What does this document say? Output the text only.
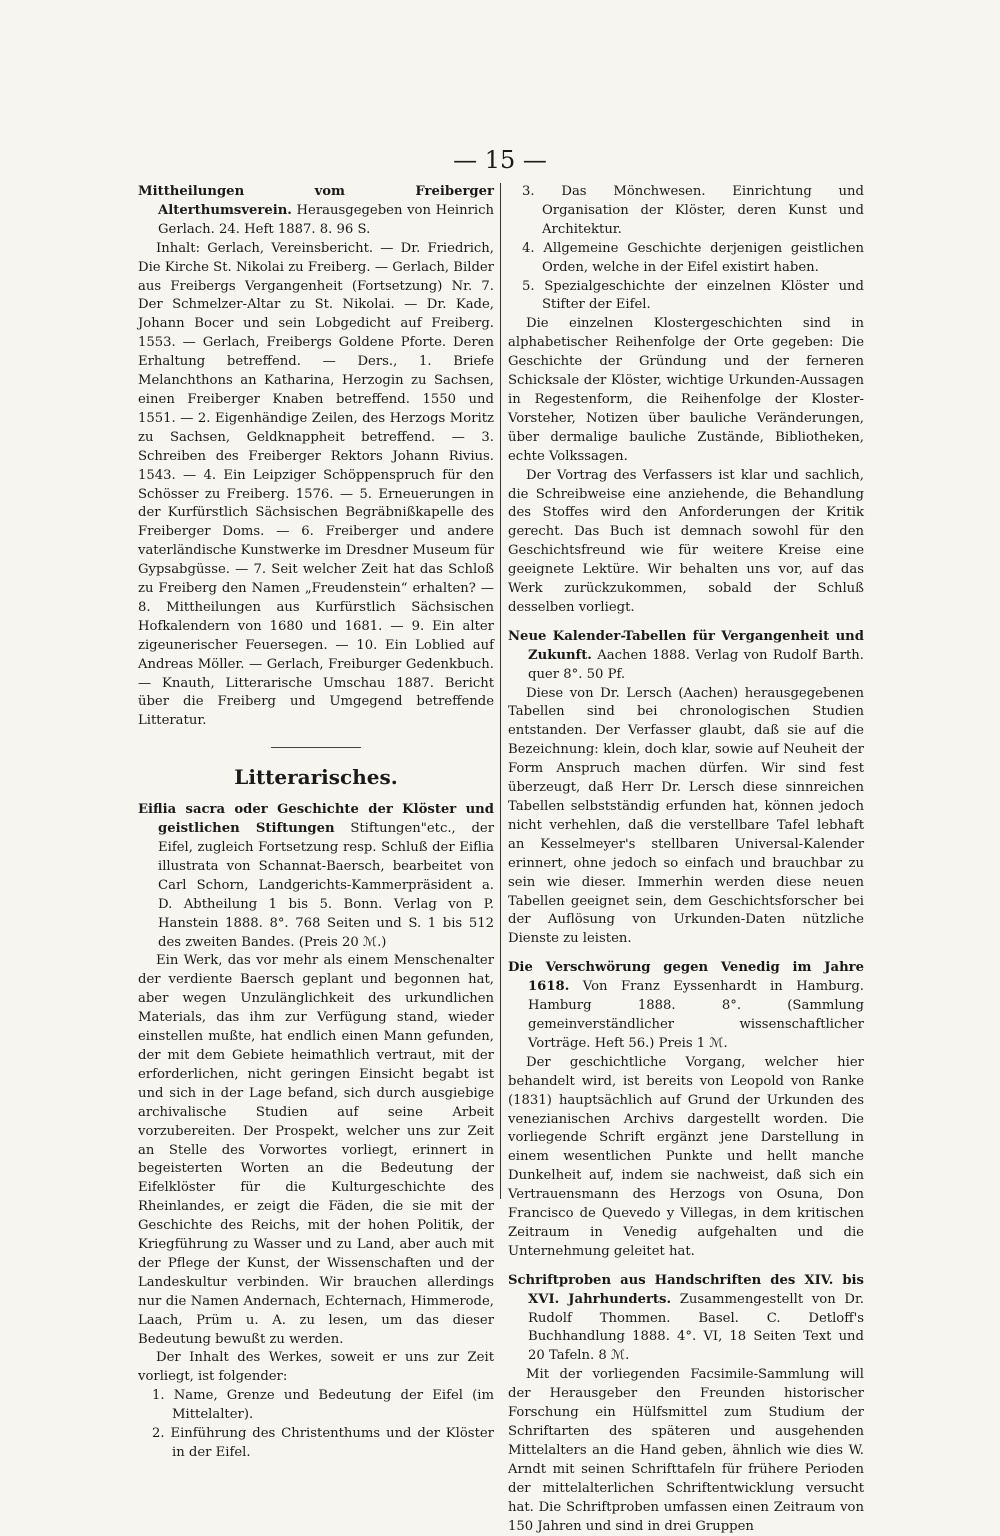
— 15 —

Mittheilungen vom Freiberger Alterthumsverein. Herausgegeben von Heinrich Gerlach. 24. Heft 1887. 8. 96 S.

Inhalt: Gerlach, Vereinsbericht. — Dr. Friedrich, Die Kirche St. Nikolai zu Freiberg. — Gerlach, Bilder aus Freibergs Vergangenheit (Fortsetzung) Nr. 7. Der Schmelzer-Altar zu St. Nikolai. — Dr. Kade, Johann Bocer und sein Lobgedicht auf Freiberg. 1553. — Gerlach, Freibergs Goldene Pforte. Deren Erhaltung betreffend. — Ders., 1. Briefe Melanchthons an Katharina, Herzogin zu Sachsen, einen Freiberger Knaben betreffend. 1550 und 1551. — 2. Eigenhändige Zeilen, des Herzogs Moritz zu Sachsen, Geldknappheit betreffend. — 3. Schreiben des Freiberger Rektors Johann Rivius. 1543. — 4. Ein Leipziger Schöppenspruch für den Schösser zu Freiberg. 1576. — 5. Erneuerungen in der Kurfürstlich Sächsischen Begräbnißkapelle des Freiberger Doms. — 6. Freiberger und andere vaterländische Kunstwerke im Dresdner Museum für Gypsabgüsse. — 7. Seit welcher Zeit hat das Schloß zu Freiberg den Namen „Freudenstein“ erhalten? — 8. Mittheilungen aus Kurfürstlich Sächsischen Hofkalendern von 1680 und 1681. — 9. Ein alter zigeunerischer Feuersegen. — 10. Ein Loblied auf Andreas Möller. — Gerlach, Freiburger Gedenkbuch. — Knauth, Litterarische Umschau 1887. Bericht über die Freiberg und Umgegend betreffende Litteratur.

Litterarisches.

Eiflia sacra oder Geschichte der Klöster und geistlichen Stiftungen Stiftungen"etc., der Eifel, zugleich Fortsetzung resp. Schluß der Eiflia illustrata von Schannat-Baersch, bearbeitet von Carl Schorn, Landgerichts-Kammerpräsident a. D. Abtheilung 1 bis 5. Bonn. Verlag von P. Hanstein 1888. 8°. 768 Seiten und S. 1 bis 512 des zweiten Bandes. (Preis 20 ℳ.)

Ein Werk, das vor mehr als einem Menschenalter der verdiente Baersch geplant und begonnen hat, aber wegen Unzulänglichkeit des urkundlichen Materials, das ihm zur Verfügung stand, wieder einstellen mußte, hat endlich einen Mann gefunden, der mit dem Gebiete heimathlich vertraut, mit der erforderlichen, nicht geringen Einsicht begabt ist und sich in der Lage befand, sich durch ausgiebige archivalische Studien auf seine Arbeit vorzubereiten. Der Prospekt, welcher uns zur Zeit an Stelle des Vorwortes vorliegt, erinnert in begeisterten Worten an die Bedeutung der Eifelklöster für die Kulturgeschichte des Rheinlandes, er zeigt die Fäden, die sie mit der Geschichte des Reichs, mit der hohen Politik, der Kriegführung zu Wasser und zu Land, aber auch mit der Pflege der Kunst, der Wissenschaften und der Landeskultur verbinden. Wir brauchen allerdings nur die Namen Andernach, Echternach, Himmerode, Laach, Prüm u. A. zu lesen, um das dieser Bedeutung bewußt zu werden.

Der Inhalt des Werkes, soweit er uns zur Zeit vorliegt, ist folgender:

1. Name, Grenze und Bedeutung der Eifel (im Mittelalter).

2. Einführung des Christenthums und der Klöster in der Eifel.

3. Das Mönchwesen. Einrichtung und Organisation der Klöster, deren Kunst und Architektur.

4. Allgemeine Geschichte derjenigen geistlichen Orden, welche in der Eifel existirt haben.

5. Spezialgeschichte der einzelnen Klöster und Stifter der Eifel.

Die einzelnen Klostergeschichten sind in alphabetischer Reihenfolge der Orte gegeben: Die Geschichte der Gründung und der ferneren Schicksale der Klöster, wichtige Urkunden-Aussagen in Regestenform, die Reihenfolge der Kloster-Vorsteher, Notizen über bauliche Veränderungen, über dermalige bauliche Zustände, Bibliotheken, echte Volkssagen.

Der Vortrag des Verfassers ist klar und sachlich, die Schreibweise eine anziehende, die Behandlung des Stoffes wird den Anforderungen der Kritik gerecht. Das Buch ist demnach sowohl für den Geschichtsfreund wie für weitere Kreise eine geeignete Lektüre. Wir behalten uns vor, auf das Werk zurückzukommen, sobald der Schluß desselben vorliegt.

Neue Kalender-Tabellen für Vergangenheit und Zukunft. Aachen 1888. Verlag von Rudolf Barth. quer 8°. 50 Pf.

Diese von Dr. Lersch (Aachen) herausgegebenen Tabellen sind bei chronologischen Studien entstanden. Der Verfasser glaubt, daß sie auf die Bezeichnung: klein, doch klar, sowie auf Neuheit der Form Anspruch machen dürfen. Wir sind fest überzeugt, daß Herr Dr. Lersch diese sinnreichen Tabellen selbstständig erfunden hat, können jedoch nicht verhehlen, daß die verstellbare Tafel lebhaft an Kesselmeyer's stellbaren Universal-Kalender erinnert, ohne jedoch so einfach und brauchbar zu sein wie dieser. Immerhin werden diese neuen Tabellen geeignet sein, dem Geschichtsforscher bei der Auflösung von Urkunden-Daten nützliche Dienste zu leisten.

Die Verschwörung gegen Venedig im Jahre 1618. Von Franz Eyssenhardt in Hamburg. Hamburg 1888. 8°. (Sammlung gemeinverständlicher wissenschaftlicher Vorträge. Heft 56.) Preis 1 ℳ.

Der geschichtliche Vorgang, welcher hier behandelt wird, ist bereits von Leopold von Ranke (1831) hauptsächlich auf Grund der Urkunden des venezianischen Archivs dargestellt worden. Die vorliegende Schrift ergänzt jene Darstellung in einem wesentlichen Punkte und hellt manche Dunkelheit auf, indem sie nachweist, daß sich ein Vertrauensmann des Herzogs von Osuna, Don Francisco de Quevedo y Villegas, in dem kritischen Zeitraum in Venedig aufgehalten und die Unternehmung geleitet hat.

Schriftproben aus Handschriften des XIV. bis XVI. Jahrhunderts. Zusammengestellt von Dr. Rudolf Thommen. Basel. C. Detloff's Buchhandlung 1888. 4°. VI, 18 Seiten Text und 20 Tafeln. 8 ℳ.

Mit der vorliegenden Facsimile-Sammlung will der Herausgeber den Freunden historischer Forschung ein Hülfsmittel zum Studium der Schriftarten des späteren und ausgehenden Mittelalters an die Hand geben, ähnlich wie dies W. Arndt mit seinen Schrifttafeln für frühere Perioden der mittelalterlichen Schriftentwicklung versucht hat. Die Schriftproben umfassen einen Zeitraum von 150 Jahren und sind in drei Gruppen
